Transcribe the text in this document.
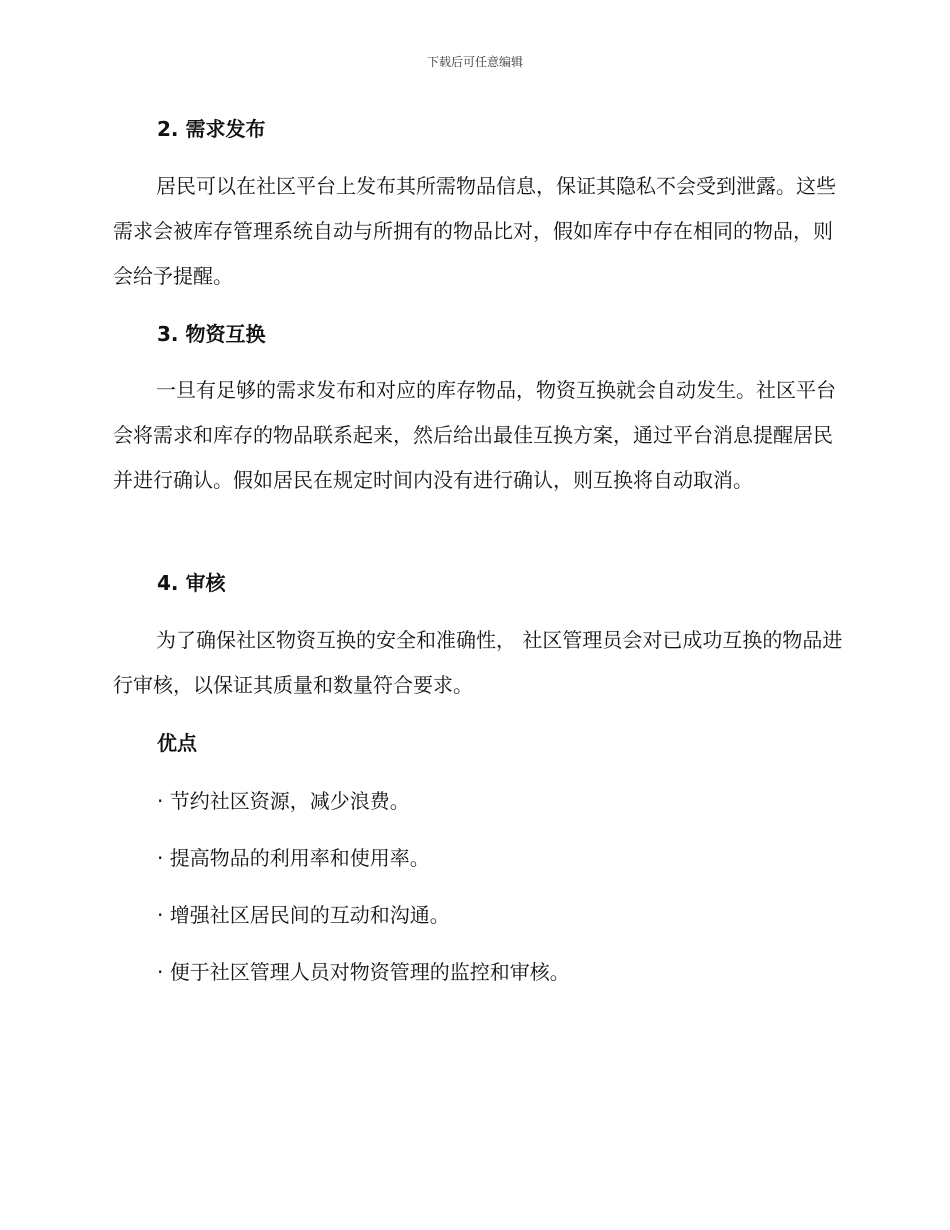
下载后可任意编辑
2. 需求发布
居民可以在社区平台上发布其所需物品信息，保证其隐私不会受到泄露。这些需求会被库存管理系统自动与所拥有的物品比对，假如库存中存在相同的物品，则会给予提醒。
3. 物资互换
一旦有足够的需求发布和对应的库存物品，物资互换就会自动发生。社区平台会将需求和库存的物品联系起来，然后给出最佳互换方案，通过平台消息提醒居民并进行确认。假如居民在规定时间内没有进行确认，则互换将自动取消。
4. 审核
为了确保社区物资互换的安全和准确性， 社区管理员会对已成功互换的物品进行审核，以保证其质量和数量符合要求。
优点
· 节约社区资源，减少浪费。
· 提高物品的利用率和使用率。
· 增强社区居民间的互动和沟通。
· 便于社区管理人员对物资管理的监控和审核。
